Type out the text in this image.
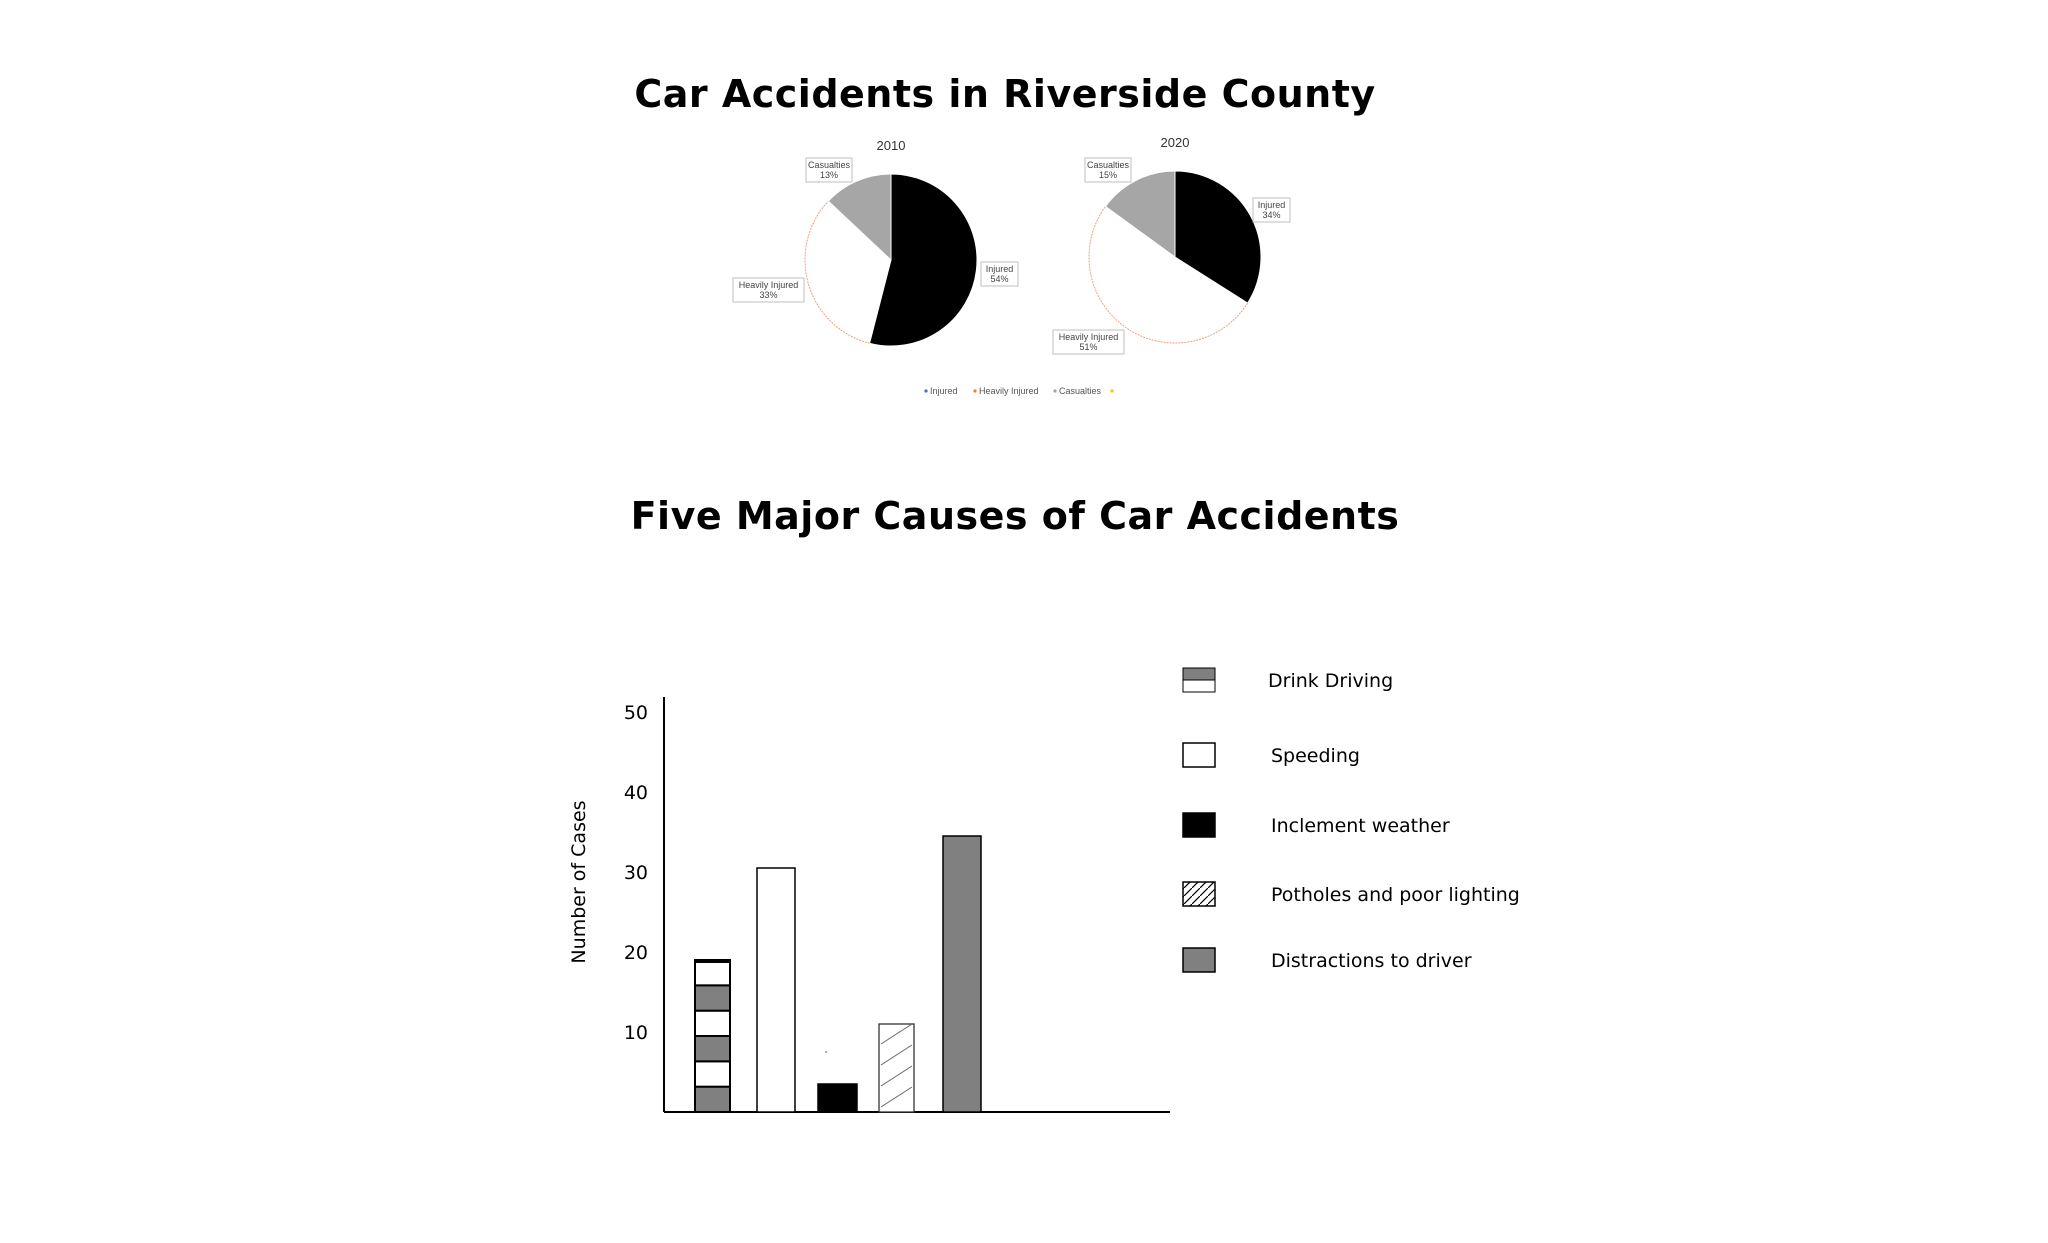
Car Accidents in Riverside County
Five Major Causes of Car Accidents
2010
Injured
54%
Heavily Injured
33%
Casualties
13%
2020
Injured
34%
Heavily Injured
51%
Casualties
15%
Injured Heavily Injured Casualties
10
20
30
40
50
Number of Cases
Drink Driving
Speeding
Inclement weather
Potholes and poor lighting
Distractions to driver
